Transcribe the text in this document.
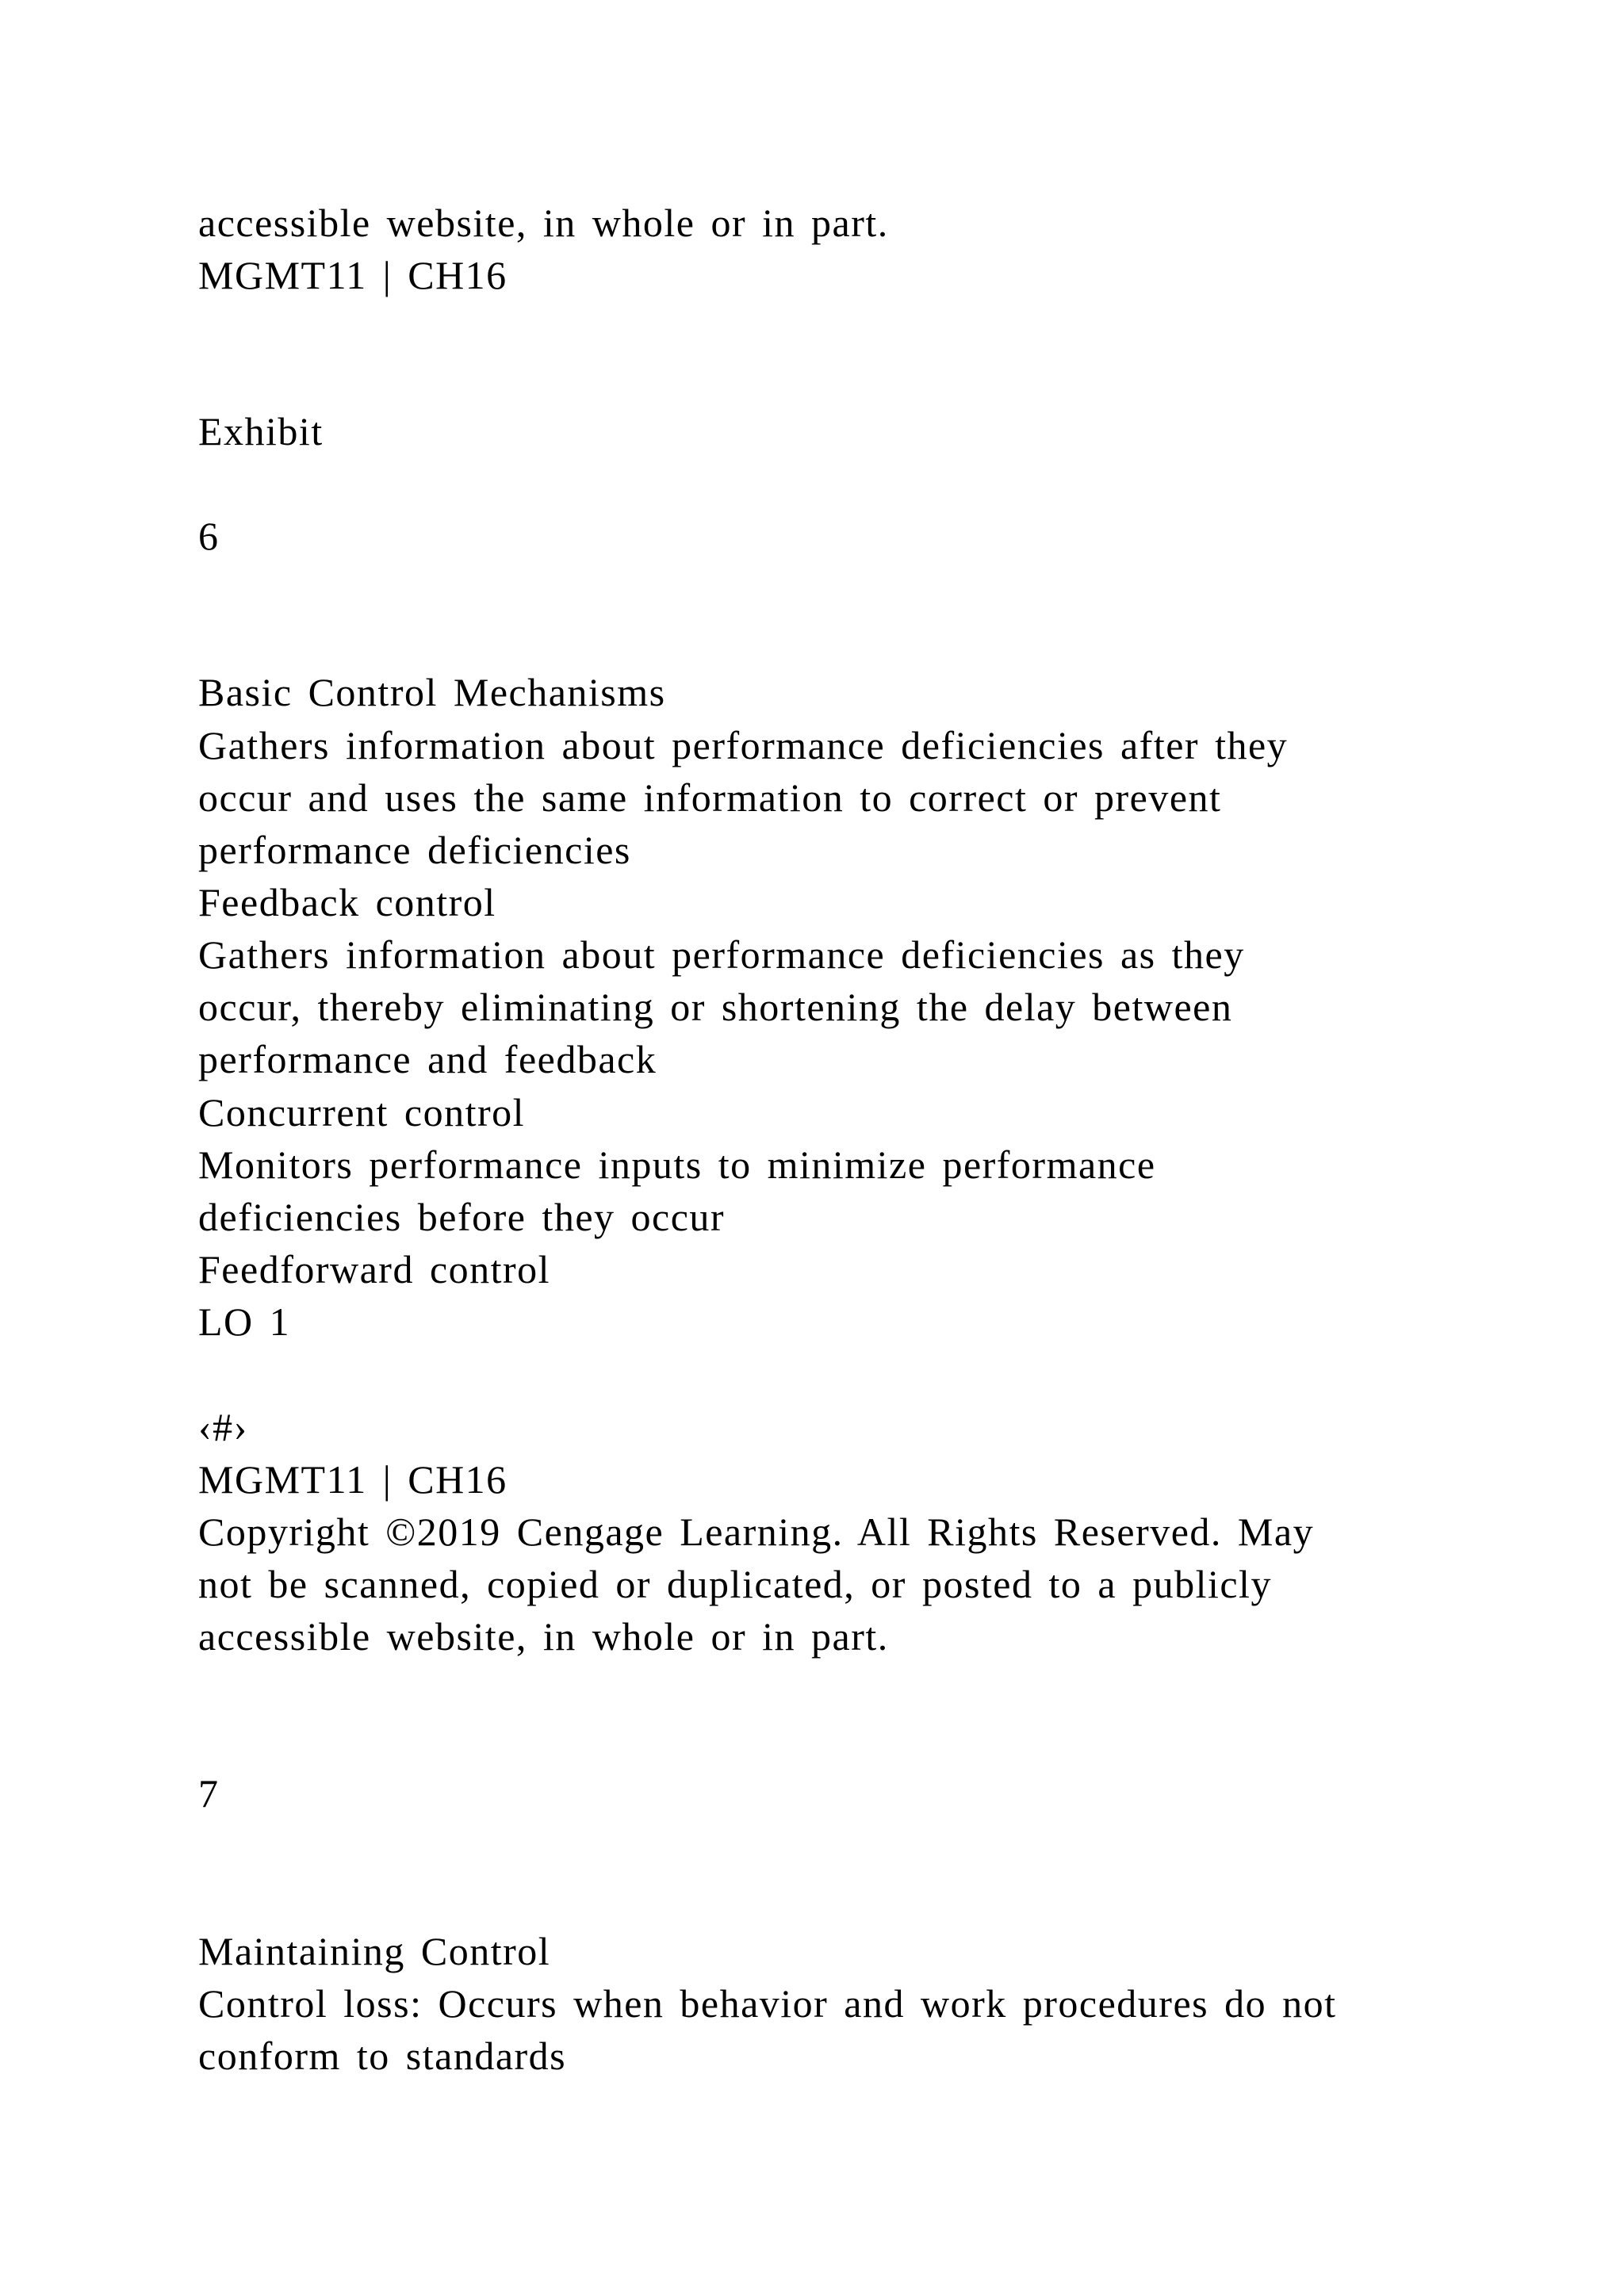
accessible website, in whole or in part.
MGMT11 | CH16
Exhibit
6
Basic Control Mechanisms
Gathers information about performance deficiencies after they
occur and uses the same information to correct or prevent
performance deficiencies
Feedback control
Gathers information about performance deficiencies as they
occur, thereby eliminating or shortening the delay between
performance and feedback
Concurrent control
Monitors performance inputs to minimize performance
deficiencies before they occur
Feedforward control
LO 1
‹#›
MGMT11 | CH16
Copyright ©2019 Cengage Learning. All Rights Reserved. May
not be scanned, copied or duplicated, or posted to a publicly
accessible website, in whole or in part.
7
Maintaining Control
Control loss: Occurs when behavior and work procedures do not
conform to standards
